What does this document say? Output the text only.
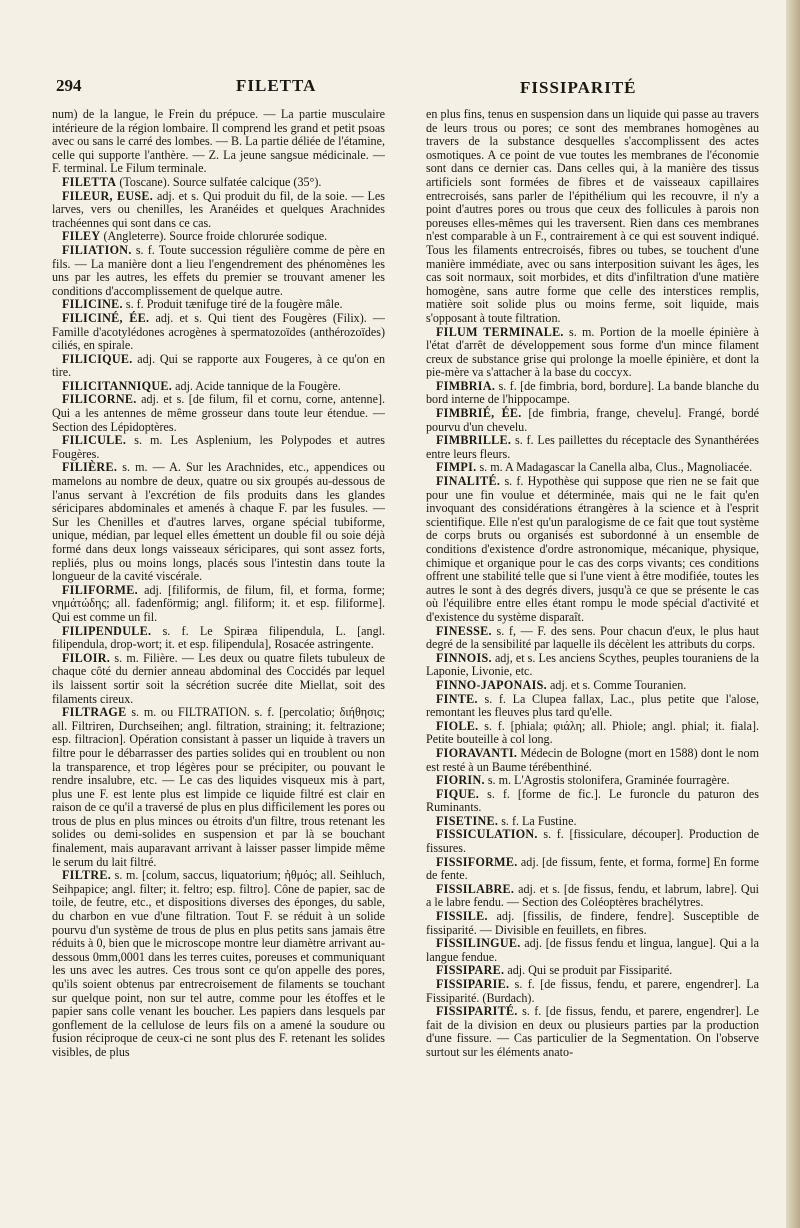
294	FILETTA	FISSIPARITÉ

num) de la langue, le Frein du prépuce. — La partie musculaire intérieure de la région lombaire. Il comprend les grand et petit psoas avec ou sans le carré des lombes. — B. La partie déliée de l'étamine, celle qui supporte l'anthère. — Z. La jeune sangsue médicinale. — F. terminal. Le Filum terminale.

FILETTA (Toscane). Source sulfatée calcique (35°).

FILEUR, EUSE. adj. et s. Qui produit du fil, de la soie. — Les larves, vers ou chenilles, les Aranéides et quelques Arachnides trachéennes qui sont dans ce cas.

FILEY (Angleterre). Source froide chlorurée sodique.

FILIATION. s. f. Toute succession régulière comme de père en fils. — La manière dont a lieu l'engendrement des phénomènes les uns par les autres, les effets du premier se trouvant amener les conditions d'accomplissement de quelque autre.

FILICINE. s. f. Produit tænifuge tiré de la fougère mâle.

FILICINÉ, ÉE. adj. et s. Qui tient des Fougères (Filix). — Famille d'acotylédones acrogènes à spermatozoïdes (anthérozoïdes) ciliés, en spirale.

FILICIQUE. adj. Qui se rapporte aux Fougeres, à ce qu'on en tire.

FILICITANNIQUE. adj. Acide tannique de la Fougère.

FILICORNE. adj. et s. [de filum, fil et cornu, corne, antenne]. Qui a les antennes de même grosseur dans toute leur étendue. — Section des Lépidoptères.

FILICULE. s. m. Les Asplenium, les Polypodes et autres Fougères.

FILIÈRE. s. m. — A. Sur les Arachnides, etc., appendices ou mamelons au nombre de deux, quatre ou six groupés au-dessous de l'anus servant à l'excrétion de fils produits dans les glandes séricipares abdominales et amenés à chaque F. par les fusules. — Sur les Chenilles et d'autres larves, organe spécial tubiforme, unique, médian, par lequel elles émettent un double fil ou soie déjà formé dans deux longs vaisseaux séricipares, qui sont assez forts, repliés, plus ou moins longs, placés sous l'intestin dans toute la longueur de la cavité viscérale.

FILIFORME. adj. [filiformis, de filum, fil, et forma, forme; νημάτώδης; all. fadenförmig; angl. filiform; it. et esp. filiforme]. Qui est comme un fil.

FILIPENDULE. s. f. Le Spiræa filipendula, L. [angl. filipendula, drop-wort; it. et esp. filipendula], Rosacée astringente.

FILOIR. s. m. Filière. — Les deux ou quatre filets tubuleux de chaque côté du dernier anneau abdominal des Coccidés par lequel ils laissent sortir soit la sécrétion sucrée dite Miellat, soit des filaments cireux.

FILTRAGE s. m. ou FILTRATION. s. f. [percolatio; διήθησις; all. Filtriren, Durchseihen; angl. filtration, straining; it. feltrazione; esp. filtracion]. Opération consistant à passer un liquide à travers un filtre pour le débarrasser des parties solides qui en troublent ou non la transparence, et trop légères pour se précipiter, ou pouvant le rendre insalubre, etc. — Le cas des liquides visqueux mis à part, plus une F. est lente plus est limpide ce liquide filtré est clair en raison de ce qu'il a traversé de plus en plus difficilement les pores ou trous de plus en plus minces ou étroits d'un filtre, trous retenant les solides ou demi-solides en suspension et par là se bouchant finalement, mais auparavant arrivant à laisser passer limpide même le serum du lait filtré.

FILTRE. s. m. [colum, saccus, liquatorium; ἠθμός; all. Seihluch, Seihpapice; angl. filter; it. feltro; esp. filtro]. Cône de papier, sac de toile, de feutre, etc., et dispositions diverses des éponges, du sable, du charbon en vue d'une filtration. Tout F. se réduit à un solide pourvu d'un système de trous de plus en plus petits sans jamais être réduits à 0, bien que le microscope montre leur diamètre arrivant au-dessous 0mm,0001 dans les terres cuites, poreuses et communiquant les uns avec les autres. Ces trous sont ce qu'on appelle des pores, qu'ils soient obtenus par entrecroisement de filaments se touchant sur quelque point, non sur tel autre, comme pour les étoffes et le papier sans colle venant les boucher. Les papiers dans lesquels par gonflement de la cellulose de leurs fils on a amené la soudure ou fusion réciproque de ceux-ci ne sont plus des F. retenant les solides visibles, de plus

en plus fins, tenus en suspension dans un liquide qui passe au travers de leurs trous ou pores; ce sont des membranes homogènes au travers de la substance desquelles s'accomplissent des actes osmotiques. A ce point de vue toutes les membranes de l'économie sont dans ce dernier cas. Dans celles qui, à la manière des tissus artificiels sont formées de fibres et de vaisseaux capillaires entrecroisés, sans parler de l'épithélium qui les recouvre, il n'y a point d'autres pores ou trous que ceux des follicules à parois non poreuses elles-mêmes qui les traversent. Rien dans ces membranes n'est comparable à un F., contrairement à ce qui est souvent indiqué. Tous les filaments entrecroisés, fibres ou tubes, se touchent d'une manière immédiate, avec ou sans interposition suivant les âges, les cas soit normaux, soit morbides, et dits d'infiltration d'une matière homogène, sans autre forme que celle des interstices remplis, matière soit solide plus ou moins ferme, soit liquide, mais s'opposant à toute filtration.

FILUM TERMINALE. s. m. Portion de la moelle épinière à l'état d'arrêt de développement sous forme d'un mince filament creux de substance grise qui prolonge la moelle épinière, et dont la pie-mère va s'attacher à la base du coccyx.

FIMBRIA. s. f. [de fimbria, bord, bordure]. La bande blanche du bord interne de l'hippocampe.

FIMBRIÉ, ÉE. [de fimbria, frange, chevelu]. Frangé, bordé pourvu d'un chevelu.

FIMBRILLE. s. f. Les paillettes du réceptacle des Synanthérées entre leurs fleurs.

FIMPI. s. m. A Madagascar la Canella alba, Clus., Magnoliacée.

FINALITÉ. s. f. Hypothèse qui suppose que rien ne se fait que pour une fin voulue et déterminée, mais qui ne le fait qu'en invoquant des considérations étrangères à la science et à l'esprit scientifique. Elle n'est qu'un paralogisme de ce fait que tout système de corps bruts ou organisés est subordonné à un ensemble de conditions d'existence d'ordre astronomique, mécanique, physique, chimique et organique pour le cas des corps vivants; ces conditions offrent une stabilité telle que si l'une vient à être modifiée, toutes les autres le sont à des degrés divers, jusqu'à ce que se présente le cas où l'équilibre entre elles étant rompu le mode spécial d'activité et d'existence du système disparaît.

FINESSE. s. f, — F. des sens. Pour chacun d'eux, le plus haut degré de la sensibilité par laquelle ils décèlent les attributs du corps.

FINNOIS. adj, et s. Les anciens Scythes, peuples touraniens de la Laponie, Livonie, etc.

FINNO-JAPONAIS. adj. et s. Comme Touranien.

FINTE. s. f. La Clupea fallax, Lac., plus petite que l'alose, remontant les fleuves plus tard qu'elle.

FIOLE. s. f. [phiala; φιάλη; all. Phiole; angl. phial; it. fiala]. Petite bouteille à col long.

FIORAVANTI. Médecin de Bologne (mort en 1588) dont le nom est resté à un Baume térébenthiné.

FIORIN. s. m. L'Agrostis stolonifera, Graminée fourragère.

FIQUE. s. f. [forme de fic.]. Le furoncle du paturon des Ruminants.

FISETINE. s. f. La Fustine.

FISSICULATION. s. f. [fissiculare, découper]. Production de fissures.

FISSIFORME. adj. [de fissum, fente, et forma, forme] En forme de fente.

FISSILABRE. adj. et s. [de fissus, fendu, et labrum, labre]. Qui a le labre fendu. — Section des Coléoptères brachélytres.

FISSILE. adj. [fissilis, de findere, fendre]. Susceptible de fissiparité. — Divisible en feuillets, en fibres.

FISSILINGUE. adj. [de fissus fendu et lingua, langue]. Qui a la langue fendue.

FISSIPARE. adj. Qui se produit par Fissiparité.

FISSIPARIE. s. f. [de fissus, fendu, et parere, engendrer]. La Fissiparité. (Burdach).

FISSIPARITÉ. s. f. [de fissus, fendu, et parere, engendrer]. Le fait de la division en deux ou plusieurs parties par la production d'une fissure. — Cas particulier de la Segmentation. On l'observe surtout sur les éléments anato-
